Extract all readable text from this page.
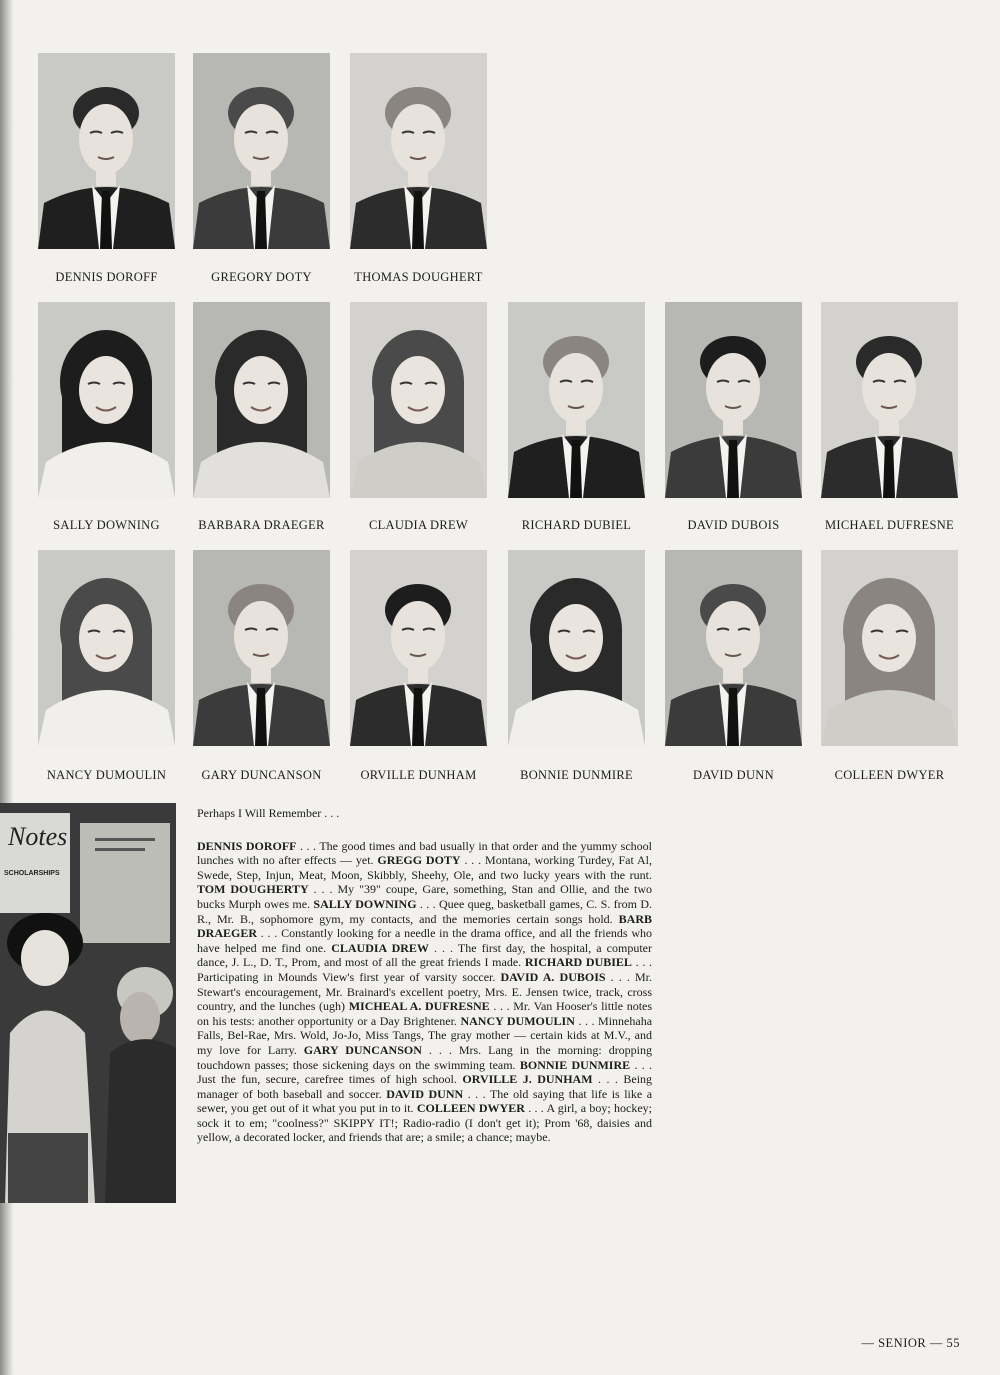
DENNIS DOROFF	GREGORY DOTY	THOMAS DOUGHERT
SALLY DOWNING	BARBARA DRAEGER	CLAUDIA DREW	RICHARD DUBIEL	DAVID DUBOIS	MICHAEL DUFRESNE
NANCY DUMOULIN	GARY DUNCANSON	ORVILLE DUNHAM	BONNIE DUNMIRE	DAVID DUNN	COLLEEN DWYER
Notes
SCHOLARSHIPS

Perhaps I Will Remember . . .

DENNIS DOROFF . . . The good times and bad usually in that order and the yummy school lunches with no after effects — yet. GREGG DOTY . . . Montana, working Turdey, Fat Al, Swede, Step, Injun, Meat, Moon, Skibbly, Sheehy, Ole, and two lucky years with the runt. TOM DOUGHERTY . . . My "39" coupe, Gare, something, Stan and Ollie, and the two bucks Murph owes me. SALLY DOWNING . . . Quee queg, basketball games, C. S. from D. R., Mr. B., sophomore gym, my contacts, and the memories certain songs hold. BARB DRAEGER . . . Constantly looking for a needle in the drama office, and all the friends who have helped me find one. CLAUDIA DREW . . . The first day, the hospital, a computer dance, J. L., D. T., Prom, and most of all the great friends I made. RICHARD DUBIEL . . . Participating in Mounds View's first year of varsity soccer. DAVID A. DUBOIS . . . Mr. Stewart's encouragement, Mr. Brainard's excellent poetry, Mrs. E. Jensen twice, track, cross country, and the lunches (ugh) MICHEAL A. DUFRESNE . . . Mr. Van Hooser's little notes on his tests: another opportunity or a Day Brightener. NANCY DUMOULIN . . . Minnehaha Falls, Bel-Rae, Mrs. Wold, Jo-Jo, Miss Tangs, The gray mother — certain kids at M.V., and my love for Larry. GARY DUNCANSON . . . Mrs. Lang in the morning: dropping touchdown passes; those sickening days on the swimming team. BONNIE DUNMIRE . . . Just the fun, secure, carefree times of high school. ORVILLE J. DUNHAM . . . Being manager of both baseball and soccer. DAVID DUNN . . . The old saying that life is like a sewer, you get out of it what you put in to it. COLLEEN DWYER . . . A girl, a boy; hockey; sock it to em; "coolness?" SKIPPY IT!; Radio-radio (I don't get it); Prom '68, daisies and yellow, a decorated locker, and friends that are; a smile; a chance; maybe.

— SENIOR — 55
